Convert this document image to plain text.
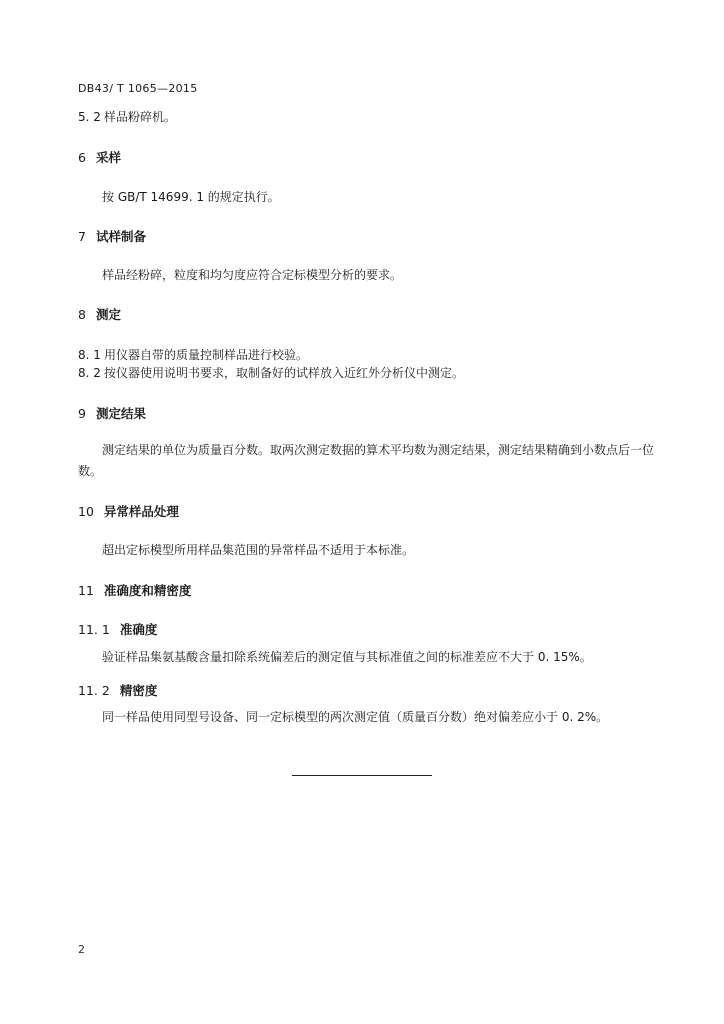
DB43/ T 1065—2015
5. 2 样品粉碎机。
6 采样
按 GB/T 14699. 1 的规定执行。
7 试样制备
样品经粉碎，粒度和均匀度应符合定标模型分析的要求。
8 测定
8. 1 用仪器自带的质量控制样品进行校验。
8. 2 按仪器使用说明书要求，取制备好的试样放入近红外分析仪中测定。
9 测定结果
测定结果的单位为质量百分数。取两次测定数据的算术平均数为测定结果，测定结果精确到小数点后一位数。
10 异常样品处理
超出定标模型所用样品集范围的异常样品不适用于本标准。
11 准确度和精密度
11. 1 准确度
验证样品集氨基酸含量扣除系统偏差后的测定值与其标准值之间的标准差应不大于 0. 15%。
11. 2 精密度
同一样品使用同型号设备、同一定标模型的两次测定值（质量百分数）绝对偏差应小于 0. 2%。
2
